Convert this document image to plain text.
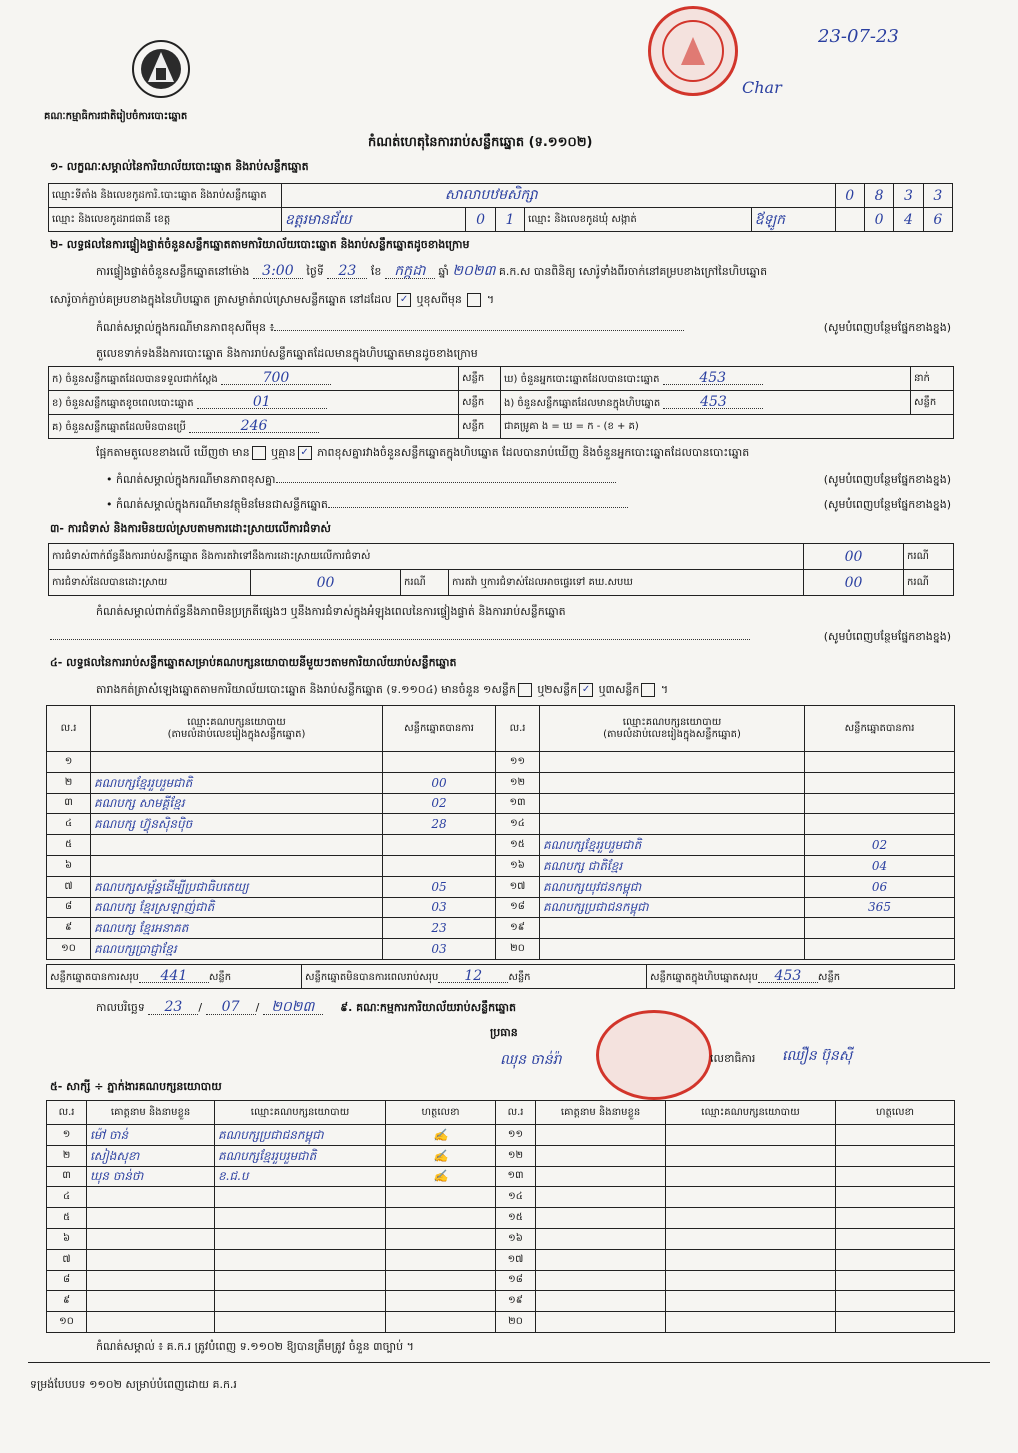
គណៈកម្មាធិការជាតិរៀបចំការបោះឆ្នោត
កំណត់ហេតុនៃការរាប់សន្លឹកឆ្នោត (ទ.១១០២)
23-07-23
Char
១- លក្ខណៈសម្គាល់នៃការិយាល័យបោះឆ្នោត និងរាប់សន្លឹកឆ្នោត
ឈ្មោះទីតាំង និងលេខកូដការិ.បោះឆ្នោត និងរាប់សន្លឹកឆ្នោត	សាលាបឋមសិក្សា					0	8	3	3
ឈ្មោះ និងលេខកូដរាជធានី ខេត្ត	ឧត្តរមានជ័យ	0	1	ឈ្មោះ និងលេខកូដឃុំ សង្កាត់	ឪឡូក		0	4	6
២- លទ្ធផលនៃការផ្ទៀងផ្ទាត់ចំនួនសន្លឹកឆ្នោតតាមការិយាល័យបោះឆ្នោត និងរាប់សន្លឹកឆ្នោតដូចខាងក្រោម
ការផ្ទៀងផ្ទាត់ចំនួនសន្លឹកឆ្នោតនៅម៉ោង 3:00 ថ្ងៃទី 23 ខែ កក្កដា ឆ្នាំ ២០២៣ គ.ក.ស បានពិនិត្យ សោរ៉ូទាំងពីរចាក់នៅគម្របខាងក្រៅនៃហិបឆ្នោត
សោរ៉ូចាក់ភ្ជាប់គម្របខាងក្នុងនៃហិបឆ្នោត ត្រាសម្ងាត់រាល់ស្រោមសន្លឹកឆ្នោត នៅដដែល ✓ ឬខុសពីមុន  ។
កំណត់សម្គាល់ក្នុងករណីមានភាពខុសពីមុន ៖	(សូមបំពេញបន្ថែមផ្នែកខាងខ្នង)
តួលេខទាក់ទងនឹងការបោះឆ្នោត និងការរាប់សន្លឹកឆ្នោតដែលមានក្នុងហិបឆ្នោតមានដូចខាងក្រោម
ក) ចំនួនសន្លឹកឆ្នោតដែលបានទទួលជាក់ស្តែង 700	សន្លឹក	ឃ) ចំនួនអ្នកបោះឆ្នោតដែលបានបោះឆ្នោត 453	នាក់
ខ) ចំនួនសន្លឹកឆ្នោតខូចពេលបោះឆ្នោត 01	សន្លឹក	ង) ចំនួនសន្លឹកឆ្នោតដែលមានក្នុងហិបឆ្នោត 453	សន្លឹក
គ) ចំនួនសន្លឹកឆ្នោតដែលមិនបានប្រើ 246	សន្លឹក	ជាគម្រូគា ង = ឃ = ក - (ខ + គ)	
ផ្អែកតាមតួលេខខាងលើ ឃើញថា មាន ឬគ្មាន ✓ ភាពខុសគ្នារវាងចំនួនសន្លឹកឆ្នោតក្នុងហិបឆ្នោត ដែលបានរាប់ឃើញ និងចំនួនអ្នកបោះឆ្នោតដែលបានបោះឆ្នោត
• កំណត់សម្គាល់ក្នុងករណីមានភាពខុសគ្នា	(សូមបំពេញបន្ថែមផ្នែកខាងខ្នង)
• កំណត់សម្គាល់ក្នុងករណីមានវត្ថុមិនមែនជាសន្លឹកឆ្នោត	(សូមបំពេញបន្ថែមផ្នែកខាងខ្នង)
៣- ការជំទាស់ និងការមិនយល់ស្របតាមការដោះស្រាយលើការជំទាស់
ការជំទាស់ពាក់ព័ន្ធនឹងការរាប់សន្លឹកឆ្នោត និងការតវ៉ាទៅនឹងការដោះស្រាយលើការជំទាស់				00	ករណី
ការជំទាស់ដែលបានដោះស្រាយ	00	ករណី	ការតវ៉ា ឬការជំទាស់ដែលអាចផ្ទេរទៅ គឃ.សបឃ	00	ករណី
កំណត់សម្គាល់ពាក់ព័ន្ធនឹងភាពមិនប្រក្រតីផ្សេងៗ ឬនឹងការជំទាស់ក្នុងអំឡុងពេលនៃការផ្ទៀងផ្ទាត់ និងការរាប់សន្លឹកឆ្នោត
(សូមបំពេញបន្ថែមផ្នែកខាងខ្នង)
៤- លទ្ធផលនៃការរាប់សន្លឹកឆ្នោតសម្រាប់គណបក្សនយោបាយនីមួយៗតាមការិយាល័យរាប់សន្លឹកឆ្នោត
តារាងកត់ត្រាសំឡេងឆ្នោតតាមការិយាល័យបោះឆ្នោត និងរាប់សន្លឹកឆ្នោត (ទ.១១០៤) មានចំនួន ១សន្លឹក ឬ២សន្លឹក ✓ ឬ៣សន្លឹក ។
ល.រ	ឈ្មោះគណបក្សនយោបាយ
(តាមលំដាប់លេខរៀងក្នុងសន្លឹកឆ្នោត)	សន្លឹកឆ្នោតបានការ	ល.រ	ឈ្មោះគណបក្សនយោបាយ
(តាមលំដាប់លេខរៀងក្នុងសន្លឹកឆ្នោត)	សន្លឹកឆ្នោតបានការ
១			១១		
២	គណបក្សខ្មែររួបរួមជាតិ	00	១២		
៣	គណបក្ស សាមគ្គីខ្មែរ	02	១៣		
៤	គណបក្ស ហ៊្វុនស៊ិនប៉ិច	28	១៤		
៥			១៥	គណបក្សខ្មែររួបរួមជាតិ	02
៦			១៦	គណបក្ស ជាតិខ្មែរ	04
៧	គណបក្សសម្ព័ន្ធដើម្បីប្រជាធិបតេយ្យ	05	១៧	គណបក្សយុវជនកម្ពុជា	06
៨	គណបក្ស ខ្មែរស្រឡាញ់ជាតិ	03	១៨	គណបក្សប្រជាជនកម្ពុជា	365
៩	គណបក្ស ខ្មែរអនាគត	23	១៩		
១០	គណបក្សប្រាជ្ញាខ្មែរ	03	២០		
សន្លឹកឆ្នោតបានការសរុប 441 សន្លឹក	សន្លឹកឆ្នោតមិនបានការពេលរាប់សរុប 12	សន្លឹក	សន្លឹកឆ្នោតក្នុងហិបឆ្នោតសរុប 453 សន្លឹក
កាលបរិច្ឆេទ 23 / 07 / ២០២៣ ៩. គណៈកម្មការការិយាល័យរាប់សន្លឹកឆ្នោត
ប្រធាន
ឈុន ចាន់រ៉ា	លេខាធិការ ឈឿន ប៊ុនស៊ី
៥- សាក្សី ÷ ភ្នាក់ងារគណបក្សនយោបាយ
ល.រ	គោត្តនាម និងនាមខ្លួន	ឈ្មោះគណបក្សនយោបាយ	ហត្ថលេខា	ល.រ	គោត្តនាម និងនាមខ្លួន	ឈ្មោះគណបក្សនយោបាយ	ហត្ថលេខា
១	ម៉ៅ ចាន់	គណបក្សប្រជាជនកម្ពុជា	✍	១១			
២	សៀងសុខា	គណបក្សខ្មែររួបរួមជាតិ	✍	១២			
៣	ឃុន ចាន់ថា	ខ.ជ.ប	✍	១៣			
៤				១៤			
៥				១៥			
៦				១៦			
៧				១៧			
៨				១៨			
៩				១៩			
១០				២០			
កំណត់សម្គាល់ ៖ គ.ក.រ ត្រូវបំពេញ ទ.១១០២ ឱ្យបានត្រឹមត្រូវ ចំនួន ៣ច្បាប់ ។
ទម្រង់បែបបទ ១១០២ សម្រាប់បំពេញដោយ គ.ក.រ
